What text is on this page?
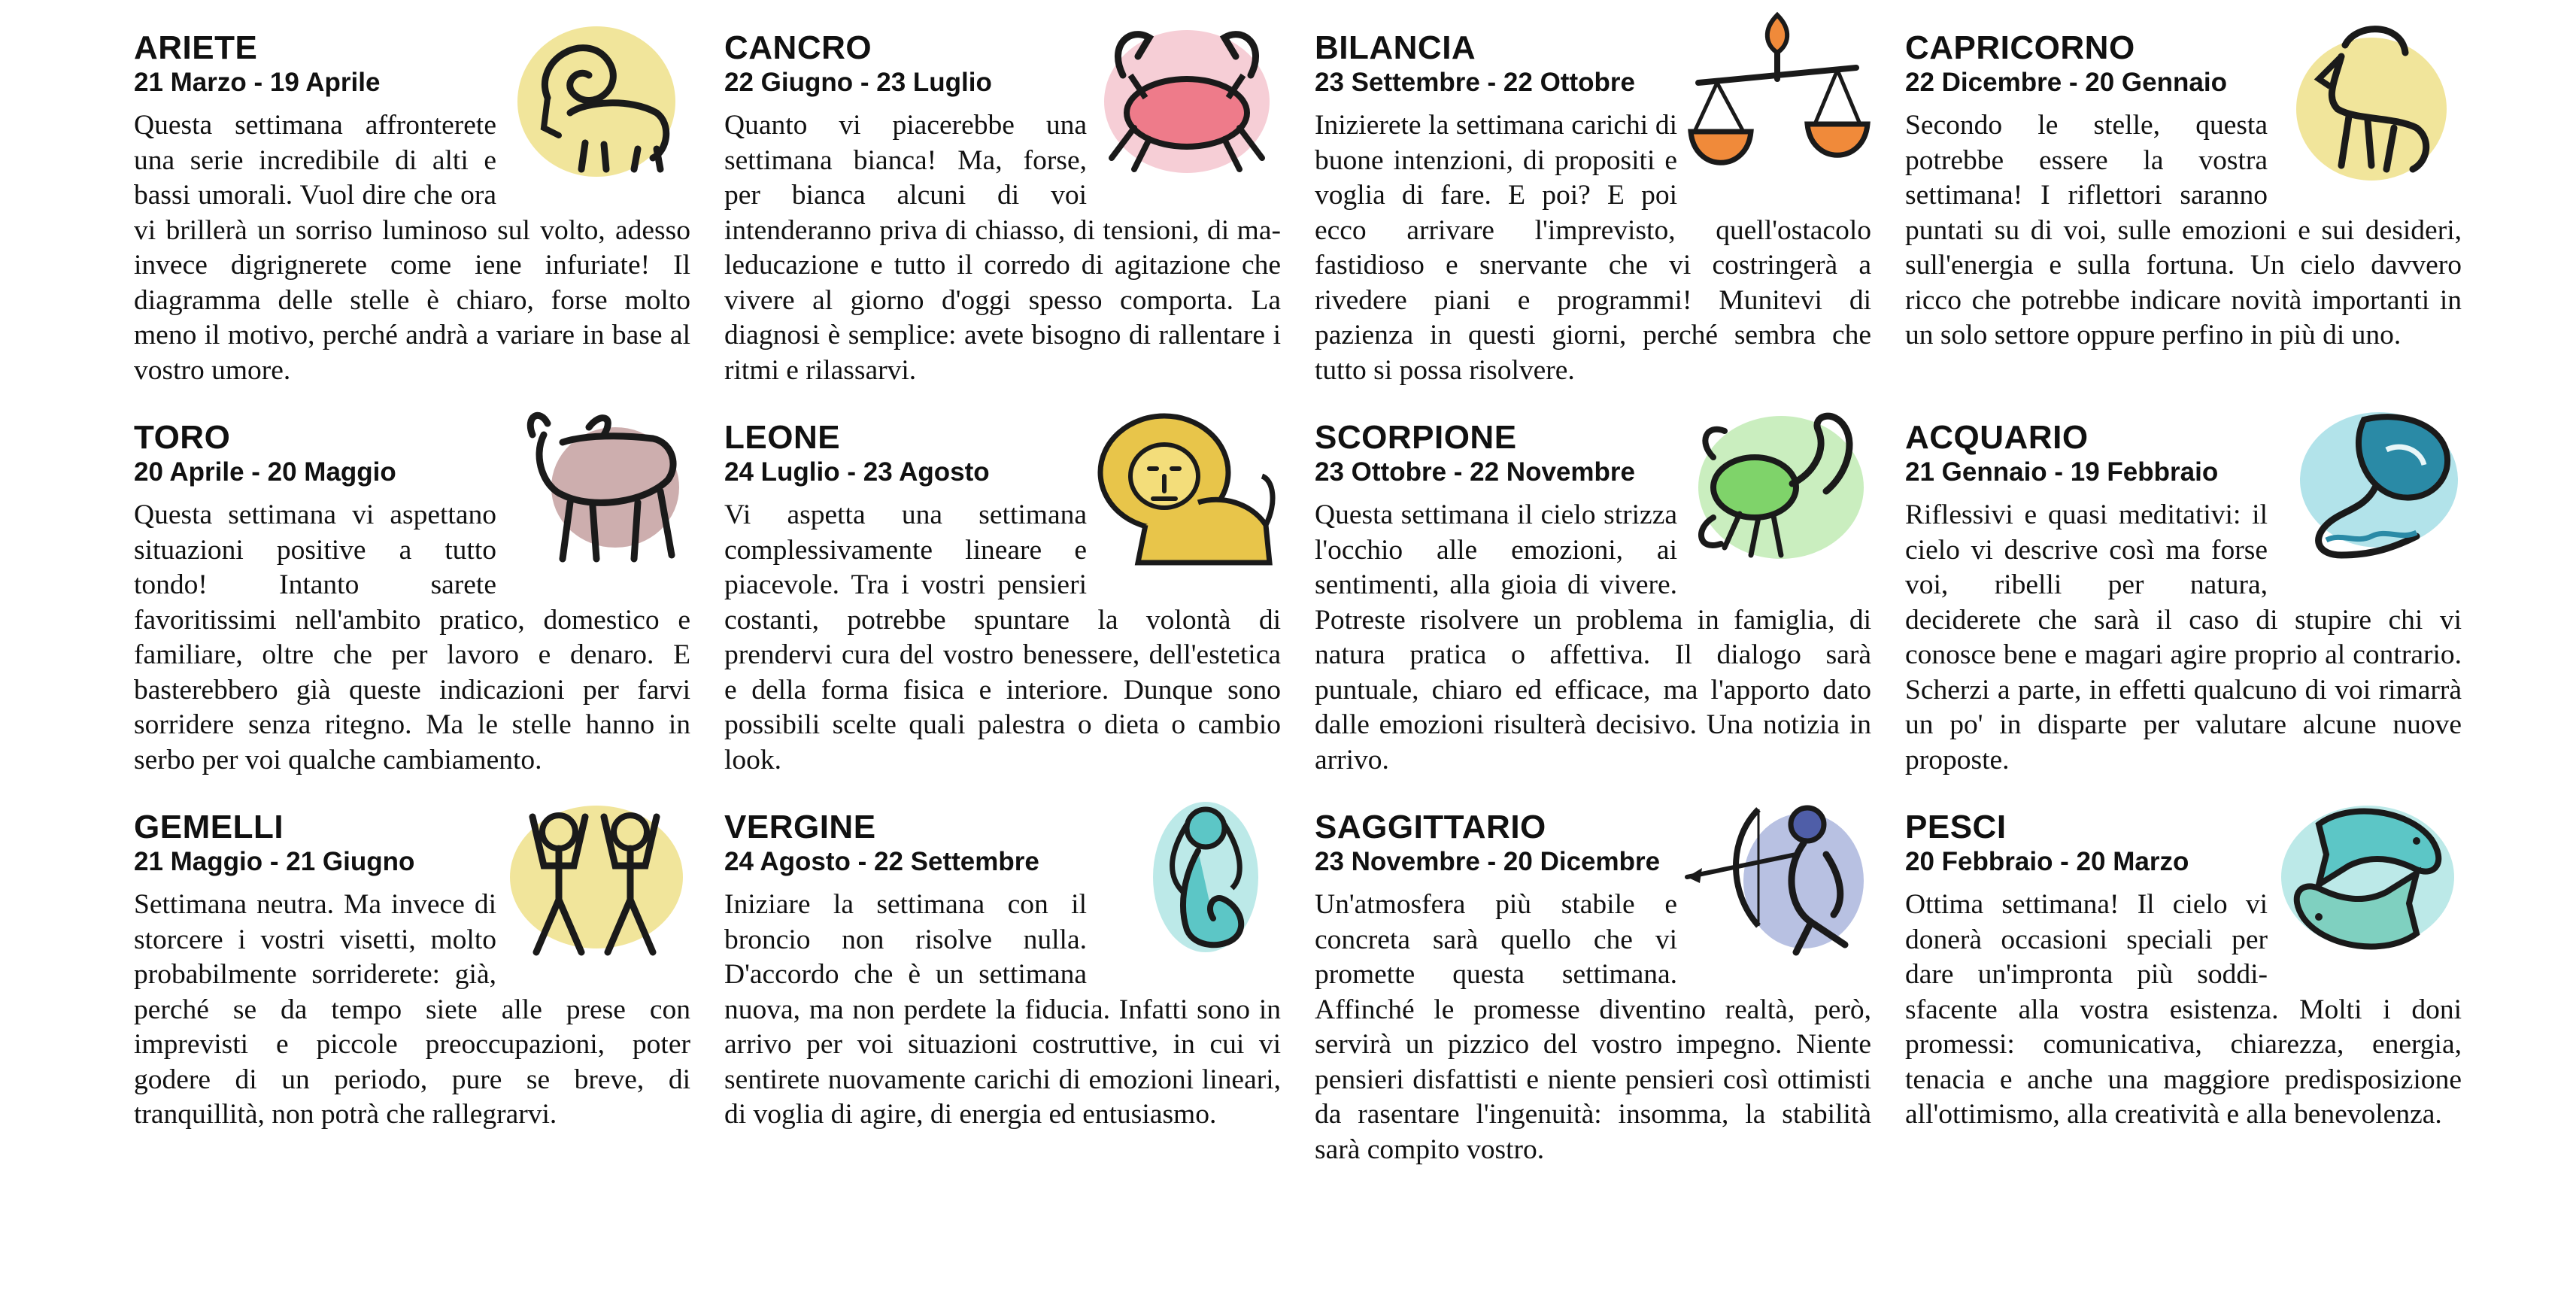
ARIETE
21 Marzo - 19 Aprile

Questa settimana affronterete una serie incredibile di alti e bassi umorali. Vuol dire che ora vi brillerà un sorriso luminoso sul volto, adesso invece digrignerete come iene infuriate! Il diagramma delle stelle è chiaro, forse molto meno il motivo, perché andrà a variare in base al vostro umore.

CANCRO
22 Giugno - 23 Luglio

Quanto vi piacerebbe una settimana bianca! Ma, forse, per bianca alcuni di voi intenderanno priva di chiasso, di tensioni, di maleducazione e tutto il corredo di agitazione che vivere al giorno d'oggi spesso comporta. La diagnosi è semplice: avete bisogno di rallentare i ritmi e rilassarvi.

BILANCIA
23 Settembre - 22 Ottobre

Inizierete la settimana carichi di buone intenzioni, di propositi e voglia di fare. E poi? E poi ecco arrivare l'imprevisto, quell'ostacolo fastidioso e snervante che vi costringerà a rivedere piani e programmi! Munitevi di pazienza in questi giorni, perché sembra che tutto si possa risolvere.

CAPRICORNO
22 Dicembre - 20 Gennaio

Secondo le stelle, questa potrebbe essere la vostra settimana! I riflettori saranno puntati su di voi, sulle emozioni e sui desideri, sull'energia e sulla fortuna. Un cielo davvero ricco che potrebbe indicare novità importanti in un solo settore oppure perfino in più di uno.

TORO
20 Aprile - 20 Maggio

Questa settimana vi aspettano situazioni positive a tutto tondo! Intanto sarete favoritissimi nell'ambito pratico, domestico e familiare, oltre che per lavoro e denaro. E basterebbero già queste indicazioni per farvi sorridere senza ritegno. Ma le stelle hanno in serbo per voi qualche cambiamento.

LEONE
24 Luglio - 23 Agosto

Vi aspetta una settimana complessivamente lineare e piacevole. Tra i vostri pensieri costanti, potrebbe spuntare la volontà di prendervi cura del vostro benessere, dell'estetica e della forma fisica e interiore. Dunque sono possibili scelte quali palestra o dieta o cambio look.

SCORPIONE
23 Ottobre - 22 Novembre

Questa settimana il cielo strizza l'occhio alle emozioni, ai sentimenti, alla gioia di vivere. Potreste risolvere un problema in famiglia, di natura pratica o affettiva. Il dialogo sarà puntuale, chiaro ed efficace, ma l'apporto dato dalle emozioni risulterà decisivo. Una notizia in arrivo.

ACQUARIO
21 Gennaio - 19 Febbraio

Riflessivi e quasi meditativi: il cielo vi descrive così ma forse voi, ribelli per natura, deciderete che sarà il caso di stupire chi vi conosce bene e magari agire proprio al contrario. Scherzi a parte, in effetti qualcuno di voi rimarrà un po' in disparte per valutare alcune nuove proposte.

GEMELLI
21 Maggio - 21 Giugno

Settimana neutra. Ma invece di storcere i vostri visetti, molto probabilmente sorriderete: già, perché se da tempo siete alle prese con imprevisti e piccole preoccupazioni, poter godere di un periodo, pure se breve, di tranquillità, non potrà che rallegrarvi.

VERGINE
24 Agosto - 22 Settembre

Iniziare la settimana con il broncio non risolve nulla. D'accordo che è un settimana nuova, ma non perdete la fiducia. Infatti sono in arrivo per voi situazioni costruttive, in cui vi sentirete nuovamente carichi di emozioni lineari, di voglia di agire, di energia ed entusiasmo.

SAGGITTARIO
23 Novembre - 20 Dicembre

Un'atmosfera più stabile e concreta sarà quello che vi promette questa settimana. Affinché le promesse diventino realtà, però, servirà un pizzico del vostro impegno. Niente pensieri disfattisti e niente pensieri così ottimisti da rasentare l'ingenuità: insomma, la stabilità sarà compito vostro.

PESCI
20 Febbraio - 20 Marzo

Ottima settimana! Il cielo vi donerà occasioni speciali per dare un'impronta più soddisfacente alla vostra esistenza. Molti i doni promessi: comunicativa, chiarezza, energia, tenacia e anche una maggiore predisposizione all'ottimismo, alla creatività e alla benevolenza.
